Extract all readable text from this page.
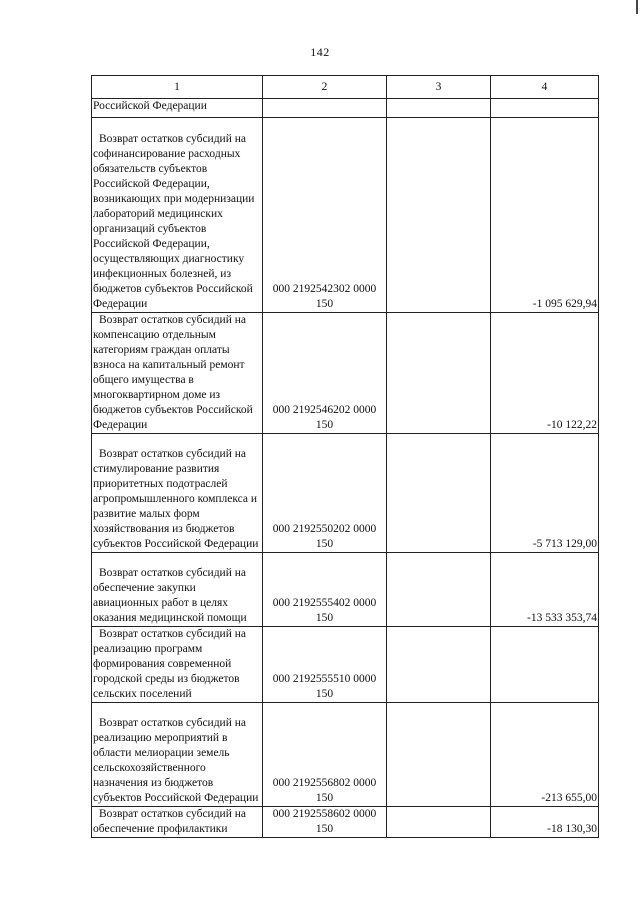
142
1	2	3	4
Российской Федерации			

Возврат остатков субсидий на софинансирование расходных обязательств субъектов Российской Федерации, возникающих при модернизации лабораторий медицинских организаций субъектов Российской Федерации, осуществляющих диагностику инфекционных болезней, из бюджетов субъектов Российской Федерации	000 2192542302 0000 150		-1 095 629,94

Возврат остатков субсидий на компенсацию отдельным категориям граждан оплаты взноса на капитальный ремонт общего имущества в многоквартирном доме из бюджетов субъектов Российской Федерации	000 2192546202 0000 150		-10 122,22

Возврат остатков субсидий на стимулирование развития приоритетных подотраслей агропромышленного комплекса и развитие малых форм хозяйствования из бюджетов субъектов Российской Федерации	000 2192550202 0000 150		-5 713 129,00

Возврат остатков субсидий на обеспечение закупки авиационных работ в целях оказания медицинской помощи	000 2192555402 0000 150		-13 533 353,74

Возврат остатков субсидий на реализацию программ формирования современной городской среды из бюджетов сельских поселений	000 2192555510 0000 150		

Возврат остатков субсидий на реализацию мероприятий в области мелиорации земель сельскохозяйственного назначения из бюджетов субъектов Российской Федерации	000 2192556802 0000 150		-213 655,00

Возврат остатков субсидий на обеспечение профилактики	000 2192558602 0000 150		-18 130,30
